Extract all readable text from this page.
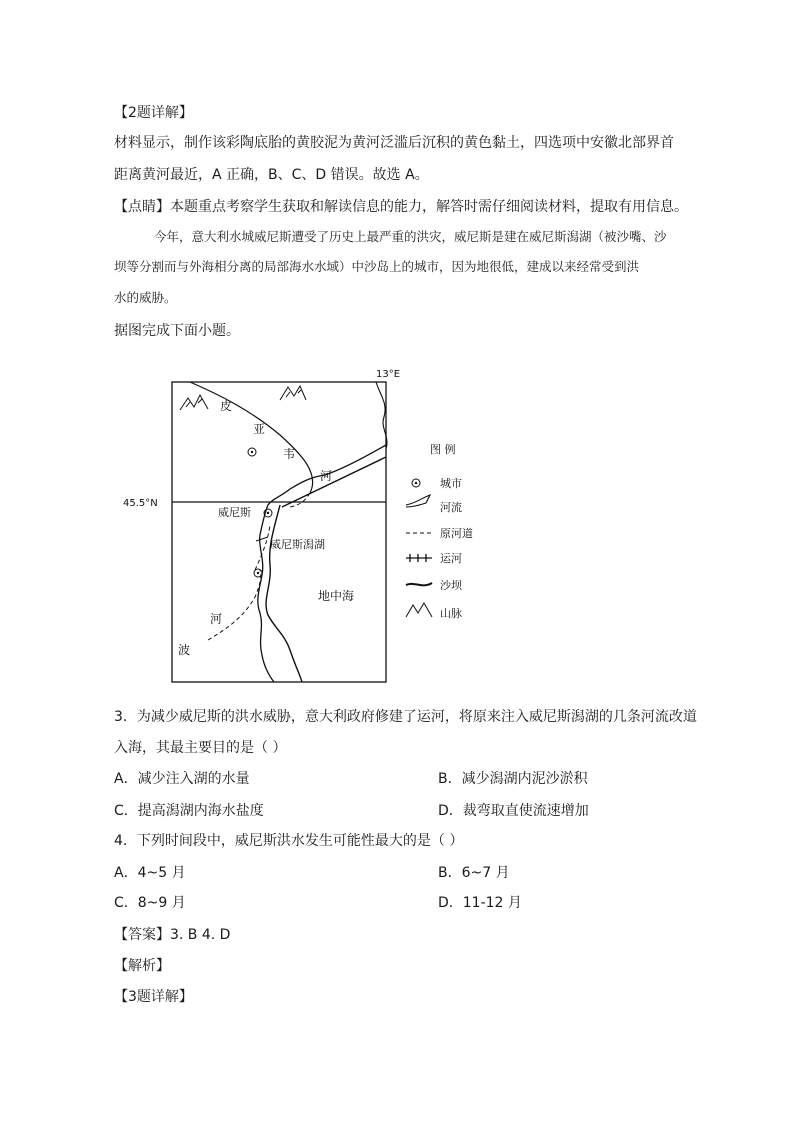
【2题详解】
材料显示，制作该彩陶底胎的黄胶泥为黄河泛滥后沉积的黄色黏土，四选项中安徽北部界首
距离黄河最近，A 正确，B、C、D 错误。故选 A。
【点睛】本题重点考察学生获取和解读信息的能力，解答时需仔细阅读材料，提取有用信息。
今年，意大利水城威尼斯遭受了历史上最严重的洪灾，威尼斯是建在威尼斯潟湖（被沙嘴、沙
坝等分割而与外海相分离的局部海水水域）中沙岛上的城市，因为地很低，建成以来经常受到洪
水的威胁。
据图完成下面小题。
13°E
45.5°N
皮
亚
韦
河
威尼斯
威尼斯潟湖
地中海
波
河
图 例
城市
河流
原河道
运河
沙坝
山脉
3．为减少威尼斯的洪水威胁，意大利政府修建了运河，将原来注入威尼斯潟湖的几条河流改道
入海，其最主要目的是（ ）
A．减少注入湖的水量	B．减少潟湖内泥沙淤积
C．提高潟湖内海水盐度	D．裁弯取直使流速增加
4．下列时间段中，威尼斯洪水发生可能性最大的是（ ）
A．4~5 月	B．6~7 月
C．8~9 月	D．11-12 月
【答案】3. B 4. D
【解析】
【3题详解】
